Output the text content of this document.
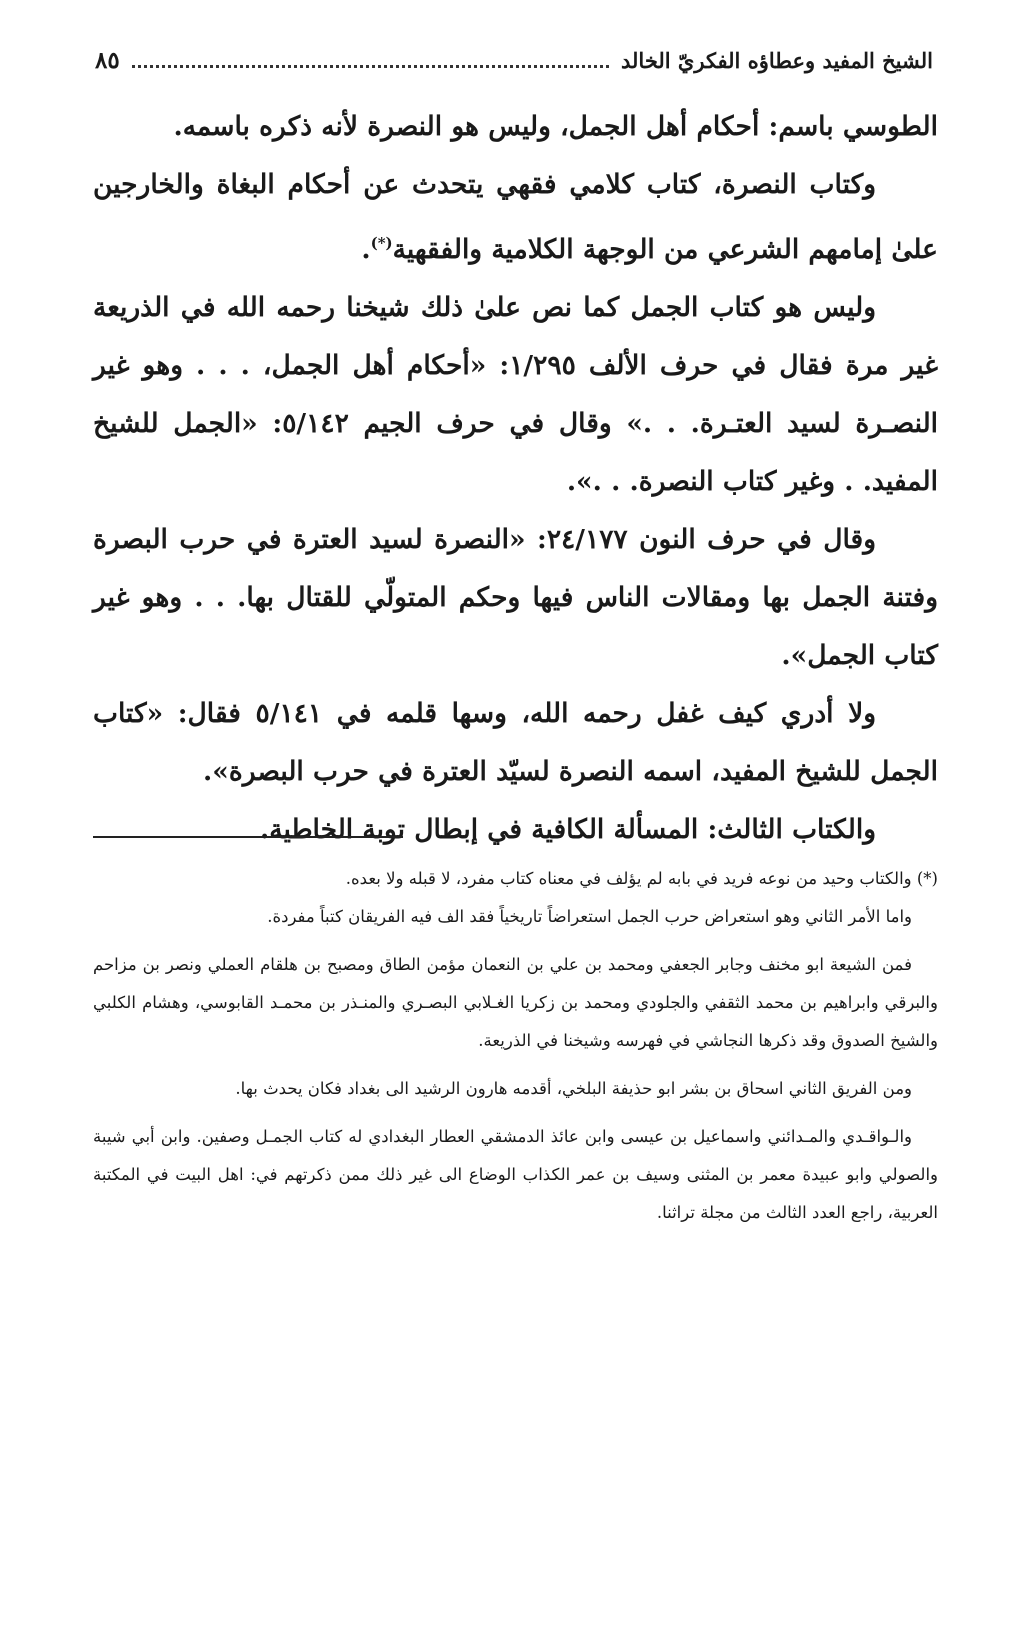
الشيخ المفيد وعطاؤه الفكريّ الخالد
٨٥

الطوسي باسم: أحكام أهل الجمل، وليس هو النصرة لأنه ذكره باسمه.

وكتاب النصرة، كتاب كلامي فقهي يتحدث عن أحكام البغاة والخارجين علىٰ إمامهم الشرعي من الوجهة الكلامية والفقهية(*).

وليس هو كتاب الجمل كما نص علىٰ ذلك شيخنا رحمه الله في الذريعة غير مرة فقال في حرف الألف ١/٢٩٥: «أحكام أهل الجمل، . . . وهو غير النصـرة لسيد العتـرة. . .» وقال في حرف الجيم ٥/١٤٢: «الجمل للشيخ المفيد. . وغير كتاب النصرة. . .».

وقال في حرف النون ٢٤/١٧٧: «النصرة لسيد العترة في حرب البصرة وفتنة الجمل بها ومقالات الناس فيها وحكم المتولّي للقتال بها. . . وهو غير كتاب الجمل».

ولا أدري كيف غفل رحمه الله، وسها قلمه في ٥/١٤١ فقال: «كتاب الجمل للشيخ المفيد، اسمه النصرة لسيّد العترة في حرب البصرة».

والكتاب الثالث: المسألة الكافية في إبطال توبة الخاطية.

(*) والكتاب وحيد من نوعه فريد في بابه لم يؤلف في معناه كتاب مفرد، لا قبله ولا بعده.

واما الأمر الثاني وهو استعراض حرب الجمل استعراضاً تاريخياً فقد الف فيه الفريقان كتباً مفردة.

فمن الشيعة ابو مخنف وجابر الجعفي ومحمد بن علي بن النعمان مؤمن الطاق ومصبح بن هلقام العملي ونصر بن مزاحم والبرقي وابراهيم بن محمد الثقفي والجلودي ومحمد بن زكريا الغـلابي البصـري والمنـذر بن محمـد القابوسي، وهشام الكلبي والشيخ الصدوق وقد ذكرها النجاشي في فهرسه وشيخنا في الذريعة.

ومن الفريق الثاني اسحاق بن بشر ابو حذيفة البلخي، أقدمه هارون الرشيد الى بغداد فكان يحدث بها.

والـواقـدي والمـدائني واسماعيل بن عيسى وابن عائذ الدمشقي العطار البغدادي له كتاب الجمـل وصفين. وابن أبي شيبة والصولي وابو عبيدة معمر بن المثنى وسيف بن عمر الكذاب الوضاع الى غير ذلك ممن ذكرتهم في: اهل البيت في المكتبة العربية، راجع العدد الثالث من مجلة تراثنا.
